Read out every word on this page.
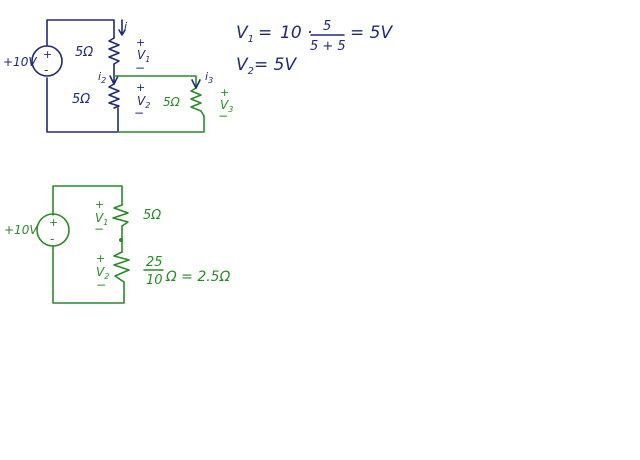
+
-
+10V
5Ω
i
+
$V_1$
−
5Ω
$i_2$
+
$V_2$
−
5Ω
$i_3$
+
$V_3$
−
$V_1 = 10 \cdot 5$
5 + 5
= 5V
$V_2 = 5V$
+
-
+10V
+
$V_1$
−
5Ω
+
$V_2$
−
25
10 Ω = 2.5Ω
